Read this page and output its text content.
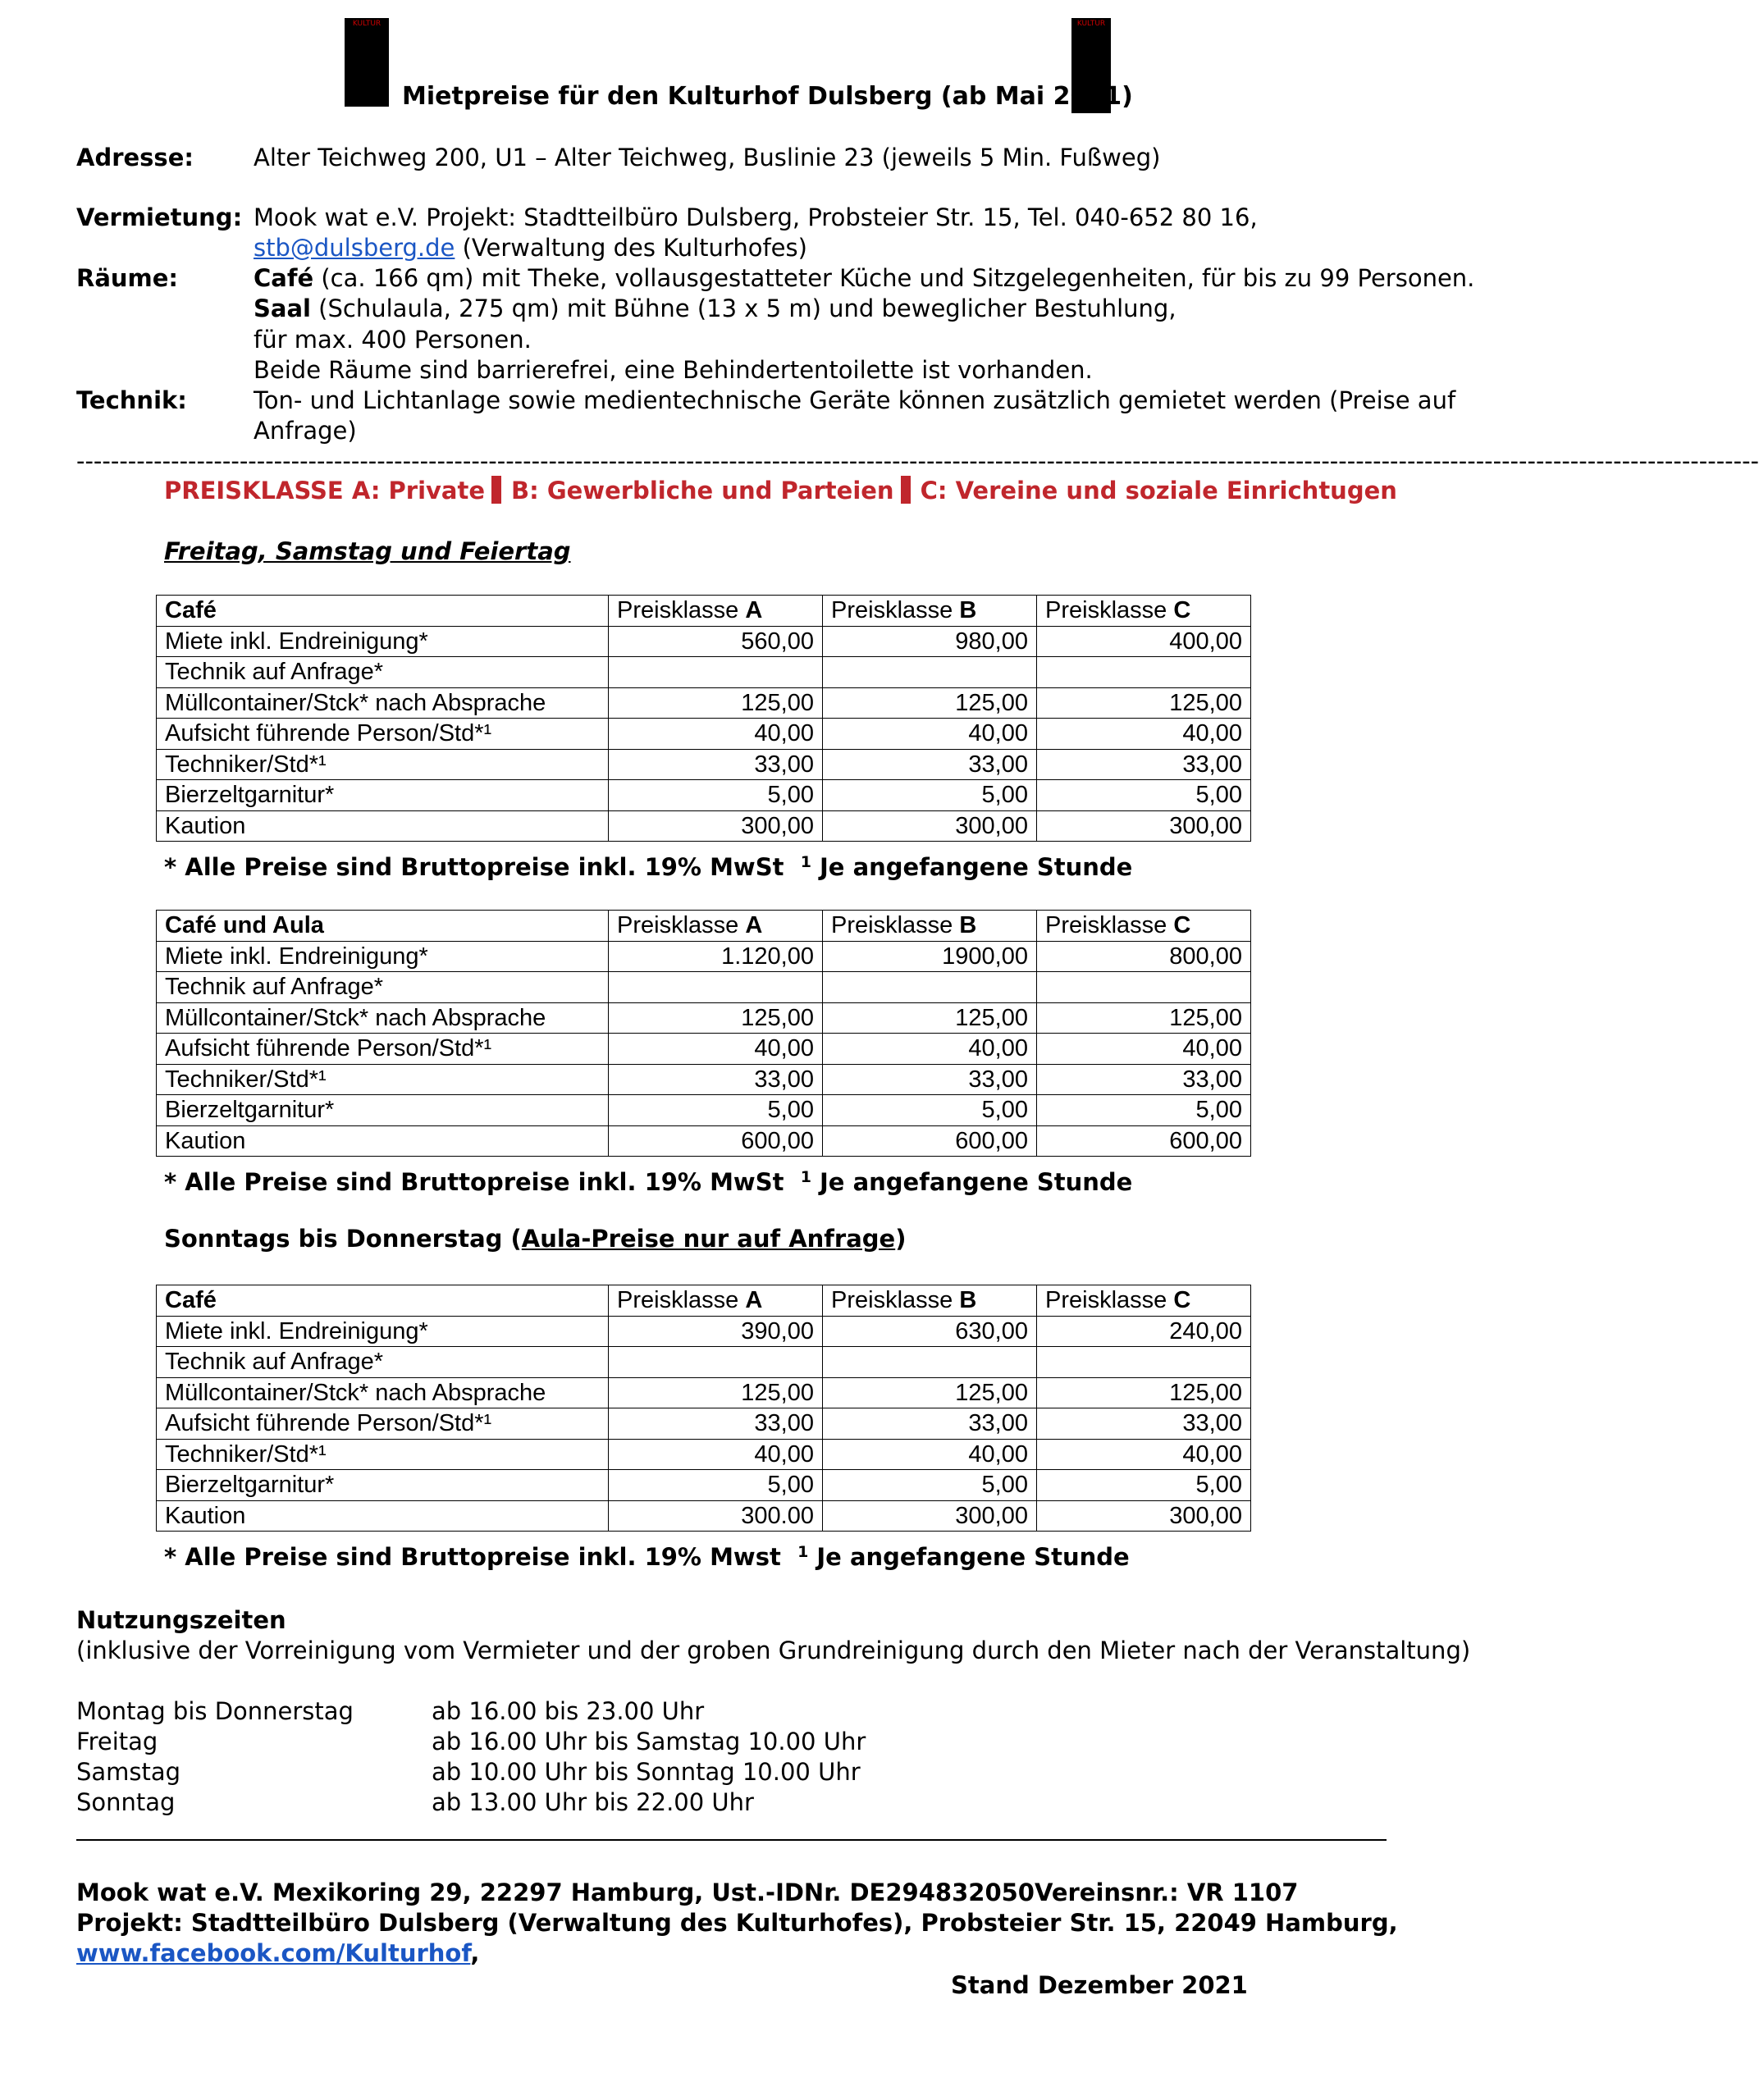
KULTUR	KULTUR
Mietpreise für den Kulturhof Dulsberg (ab Mai 2021)
Adresse:	Alter Teichweg 200, U1 – Alter Teichweg, Buslinie 23 (jeweils 5 Min. Fußweg)
Vermietung: Mook wat e.V. Projekt: Stadtteilbüro Dulsberg, Probsteier Str. 15, Tel. 040-652 80 16,
stb@dulsberg.de (Verwaltung des Kulturhofes)
Räume:	Café (ca. 166 qm) mit Theke, vollausgestatteter Küche und Sitzgelegenheiten, für bis zu 99 Personen.
Saal (Schulaula, 275 qm) mit Bühne (13 x 5 m) und beweglicher Bestuhlung,
für max. 400 Personen.
Beide Räume sind barrierefrei, eine Behindertentoilette ist vorhanden.
Technik:	Ton- und Lichtanlage sowie medientechnische Geräte können zusätzlich gemietet werden (Preise auf
Anfrage)
----------------------------------------------------------------------------------------------------------------------------------------------------------------------------------------------------
PREISKLASSE A: Private B: Gewerbliche und Parteien C: Vereine und soziale Einrichtugen
Freitag, Samstag und Feiertag
Café	Preisklasse A	Preisklasse B	Preisklasse C
Miete inkl. Endreinigung*	560,00	980,00	400,00
Technik auf Anfrage*			
Müllcontainer/Stck* nach Absprache	125,00	125,00	125,00
Aufsicht führende Person/Std*¹	40,00	40,00	40,00
Techniker/Std*¹	33,00	33,00	33,00
Bierzeltgarnitur*	5,00	5,00	5,00
Kaution	300,00	300,00	300,00
* Alle Preise sind Bruttopreise inkl. 19% MwSt $^1$ Je angefangene Stunde
Café und Aula	Preisklasse A	Preisklasse B	Preisklasse C
Miete inkl. Endreinigung*	1.120,00	1900,00	800,00
Technik auf Anfrage*			
Müllcontainer/Stck* nach Absprache	125,00	125,00	125,00
Aufsicht führende Person/Std*¹	40,00	40,00	40,00
Techniker/Std*¹	33,00	33,00	33,00
Bierzeltgarnitur*	5,00	5,00	5,00
Kaution	600,00	600,00	600,00
* Alle Preise sind Bruttopreise inkl. 19% MwSt $^1$ Je angefangene Stunde
Sonntags bis Donnerstag (Aula-Preise nur auf Anfrage)
Café	Preisklasse A	Preisklasse B	Preisklasse C
Miete inkl. Endreinigung*	390,00	630,00	240,00
Technik auf Anfrage*			
Müllcontainer/Stck* nach Absprache	125,00	125,00	125,00
Aufsicht führende Person/Std*¹	33,00	33,00	33,00
Techniker/Std*¹	40,00	40,00	40,00
Bierzeltgarnitur*	5,00	5,00	5,00
Kaution	300.00	300,00	300,00
* Alle Preise sind Bruttopreise inkl. 19% Mwst $^1$ Je angefangene Stunde
Nutzungszeiten
(inklusive der Vorreinigung vom Vermieter und der groben Grundreinigung durch den Mieter nach der Veranstaltung)
Montag bis Donnerstag	ab 16.00 bis 23.00 Uhr
Freitag	ab 16.00 Uhr bis Samstag 10.00 Uhr
Samstag	ab 10.00 Uhr bis Sonntag 10.00 Uhr
Sonntag	ab 13.00 Uhr bis 22.00 Uhr
Mook wat e.V. Mexikoring 29, 22297 Hamburg, Ust.-IDNr. DE294832050Vereinsnr.: VR 1107
Projekt: Stadtteilbüro Dulsberg (Verwaltung des Kulturhofes), Probsteier Str. 15, 22049 Hamburg,
www.facebook.com/Kulturhof,
Stand Dezember 2021
